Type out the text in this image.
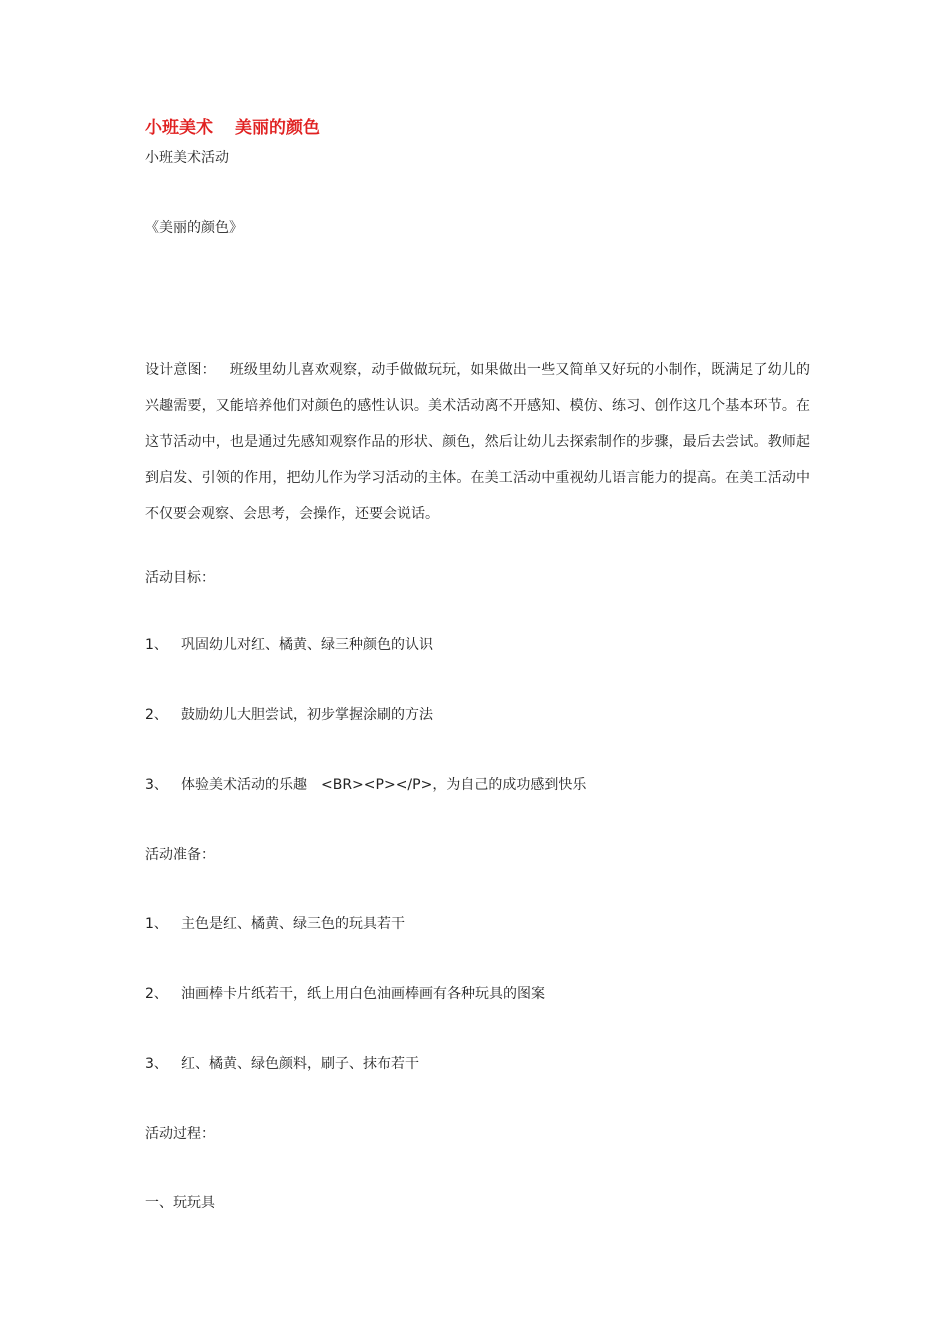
小班美术 美丽的颜色
小班美术活动
《美丽的颜色》
设计意图： 班级里幼儿喜欢观察，动手做做玩玩，如果做出一些又简单又好玩的小制作，既满足了幼儿的兴趣需要，又能培养他们对颜色的感性认识。美术活动离不开感知、模仿、练习、创作这几个基本环节。在这节活动中，也是通过先感知观察作品的形状、颜色，然后让幼儿去探索制作的步骤，最后去尝试。教师起到启发、引领的作用，把幼儿作为学习活动的主体。在美工活动中重视幼儿语言能力的提高。在美工活动中不仅要会观察、会思考，会操作，还要会说话。
活动目标：
1、 巩固幼儿对红、橘黄、绿三种颜色的认识
2、 鼓励幼儿大胆尝试，初步掌握涂刷的方法
3、 体验美术活动的乐趣　<BR><P></P>，为自己的成功感到快乐
活动准备：
1、 主色是红、橘黄、绿三色的玩具若干
2、 油画棒卡片纸若干，纸上用白色油画棒画有各种玩具的图案
3、 红、橘黄、绿色颜料，刷子、抹布若干
活动过程：
一、玩玩具
